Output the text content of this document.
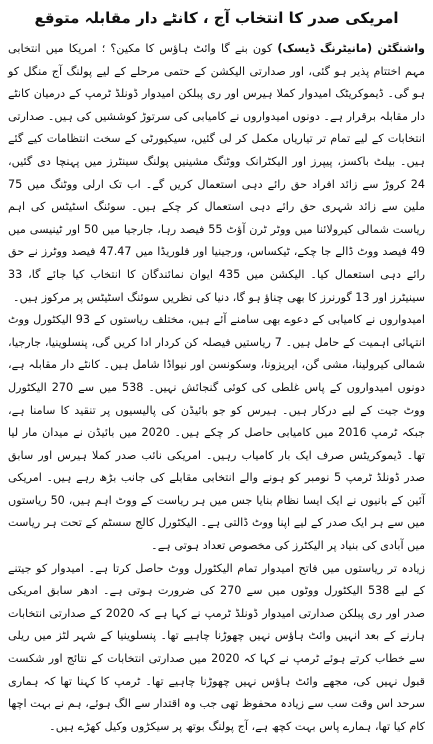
امریکی صدر کا انتخاب آج ، کانٹے دار مقابلہ متوقع

واشنگٹن (مانیٹرنگ ڈیسک) کون بنے گا وائٹ ہاؤس کا مکین؟ ؛ امریکا میں انتخابی مہم اختتام پذیر ہو گئی، اور صدارتی الیکشن کے حتمی مرحلے کے لیے پولنگ آج منگل کو ہو گی۔ ڈیموکریٹک امیدوار کملا ہیرس اور ری پبلکن امیدوار ڈونلڈ ٹرمپ کے درمیان کانٹے دار مقابلہ برقرار ہے۔ دونوں امیدواروں نے کامیابی کی سرتوڑ کوششیں کی ہیں۔ صدارتی انتخابات کے لیے تمام تر تیاریاں مکمل کر لی گئیں، سیکیورٹی کے سخت انتظامات کیے گئے ہیں۔ بیلٹ باکسز، پیپرز اور الیکٹرانک ووٹنگ مشینیں پولنگ سینٹرز میں پہنچا دی گئیں، 24 کروڑ سے زائد افراد حق رائے دہی استعمال کریں گے۔ اب تک ارلی ووٹنگ میں 75 ملین سے زائد شہری حق رائے دہی استعمال کر چکے ہیں۔ سوئنگ اسٹیٹس کی اہم ریاست شمالی کیرولائنا میں ووٹر ٹرن آؤٹ 55 فیصد رہا، جارجیا میں 50 اور ٹینیسی میں 49 فیصد ووٹ ڈالے جا چکے، ٹیکساس، ورجینیا اور فلوریڈا میں 47.47 فیصد ووٹرز نے حق رائے دہی استعمال کیا۔ الیکشن میں 435 ایوان نمائندگان کا انتخاب کیا جائے گا، 33 سینیٹرز اور 13 گورنرز کا بھی چناؤ ہو گا، دنیا کی نظریں سوئنگ اسٹیٹس پر مرکوز ہیں۔

امیدواروں نے کامیابی کے دعوے بھی سامنے آئے ہیں، مختلف ریاستوں کے 93 الیکٹورل ووٹ انتہائی اہمیت کے حامل ہیں۔ 7 ریاستیں فیصلہ کن کردار ادا کریں گی، پنسلوینیا، جارجیا، شمالی کیرولینا، مشی گن، ایریزونا، وسکونسن اور نیواڈا شامل ہیں۔ کانٹے دار مقابلہ ہے، دونوں امیدواروں کے پاس غلطی کی کوئی گنجائش نہیں۔ 538 میں سے 270 الیکٹورل ووٹ جیت کے لیے درکار ہیں۔ ہیرس کو جو بائیڈن کی پالیسیوں پر تنقید کا سامنا ہے، جبکہ ٹرمپ 2016 میں کامیابی حاصل کر چکے ہیں۔ 2020 میں بائیڈن نے میدان مار لیا تھا۔ ڈیموکریٹس صرف ایک بار کامیاب رہیں۔ امریکی نائب صدر کملا ہیرس اور سابق صدر ڈونلڈ ٹرمپ 5 نومبر کو ہونے والے انتخابی مقابلے کی جانب بڑھ رہے ہیں۔ امریکی آئین کے بانیوں نے ایک ایسا نظام بنایا جس میں ہر ریاست کے ووٹ اہم ہیں، 50 ریاستوں میں سے ہر ایک صدر کے لیے اپنا ووٹ ڈالتی ہے۔ الیکٹورل کالج سسٹم کے تحت ہر ریاست میں آبادی کی بنیاد پر الیکٹرز کی مخصوص تعداد ہوتی ہے۔

زیادہ تر ریاستوں میں فاتح امیدوار تمام الیکٹورل ووٹ حاصل کرتا ہے۔ امیدوار کو جیتنے کے لیے 538 الیکٹورل ووٹوں میں سے 270 کی ضرورت ہوتی ہے۔ ادھر سابق امریکی صدر اور ری پبلکن صدارتی امیدوار ڈونلڈ ٹرمپ نے کہا ہے کہ 2020 کے صدارتی انتخابات ہارنے کے بعد انہیں وائٹ ہاؤس نہیں چھوڑنا چاہیے تھا۔ پنسلوینیا کے شہر لٹز میں ریلی سے خطاب کرتے ہوئے ٹرمپ نے کہا کہ 2020 میں صدارتی انتخابات کے نتائج اور شکست قبول نہیں کی، مجھے وائٹ ہاؤس نہیں چھوڑنا چاہیے تھا۔ ٹرمپ کا کہنا تھا کہ ہماری سرحد اس وقت سب سے زیادہ محفوظ تھی جب وہ اقتدار سے الگ ہوئے، ہم نے بہت اچھا کام کیا تھا، ہمارے پاس بہت کچھ ہے، آج پولنگ بوتھ پر سیکڑوں وکیل کھڑے ہیں۔
